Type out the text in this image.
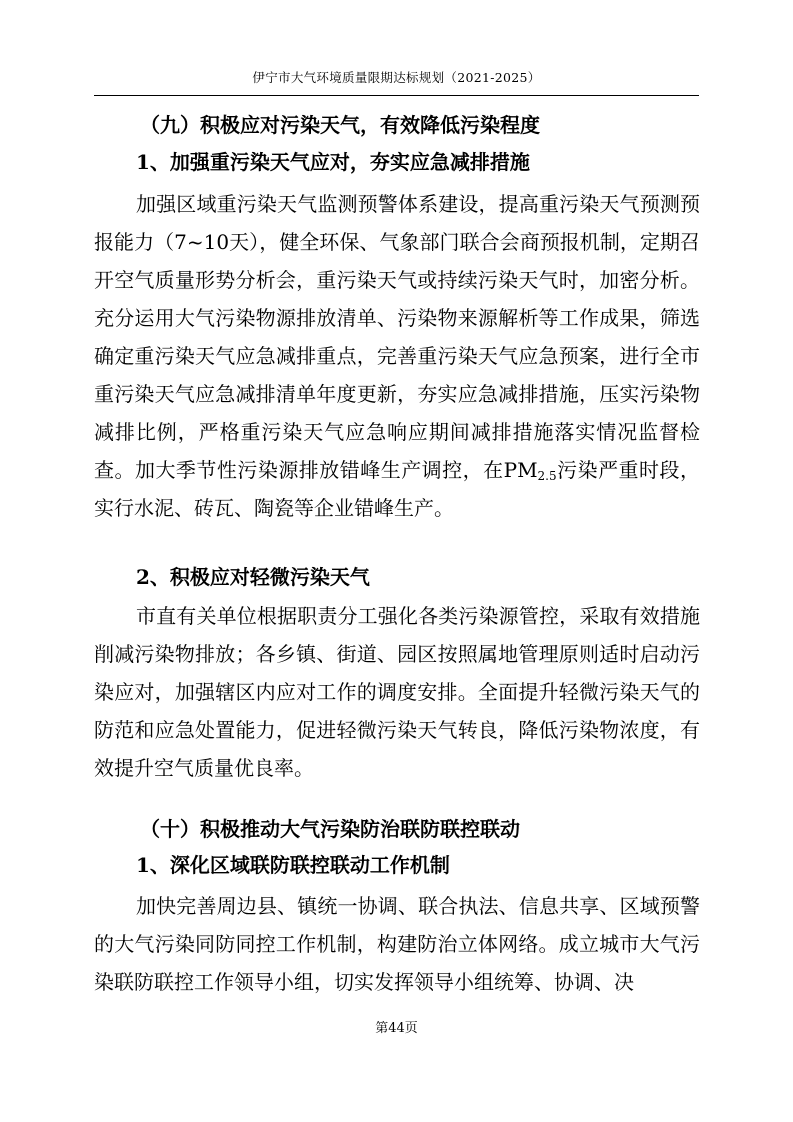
伊宁市大气环境质量限期达标规划（2021-2025）
（九）积极应对污染天气，有效降低污染程度
1、加强重污染天气应对，夯实应急减排措施
加强区域重污染天气监测预警体系建设，提高重污染天气预测预报能力（7~10天），健全环保、气象部门联合会商预报机制，定期召开空气质量形势分析会，重污染天气或持续污染天气时，加密分析。充分运用大气污染物源排放清单、污染物来源解析等工作成果，筛选确定重污染天气应急减排重点，完善重污染天气应急预案，进行全市重污染天气应急减排清单年度更新，夯实应急减排措施，压实污染物减排比例，严格重污染天气应急响应期间减排措施落实情况监督检查。加大季节性污染源排放错峰生产调控，在$PM_{2.5}$污染严重时段，实行水泥、砖瓦、陶瓷等企业错峰生产。
2、积极应对轻微污染天气
市直有关单位根据职责分工强化各类污染源管控，采取有效措施削减污染物排放；各乡镇、街道、园区按照属地管理原则适时启动污染应对，加强辖区内应对工作的调度安排。全面提升轻微污染天气的防范和应急处置能力，促进轻微污染天气转良，降低污染物浓度，有效提升空气质量优良率。
（十）积极推动大气污染防治联防联控联动
1、深化区域联防联控联动工作机制
加快完善周边县、镇统一协调、联合执法、信息共享、区域预警的大气污染同防同控工作机制，构建防治立体网络。成立城市大气污染联防联控工作领导小组，切实发挥领导小组统筹、协调、决
第44页
